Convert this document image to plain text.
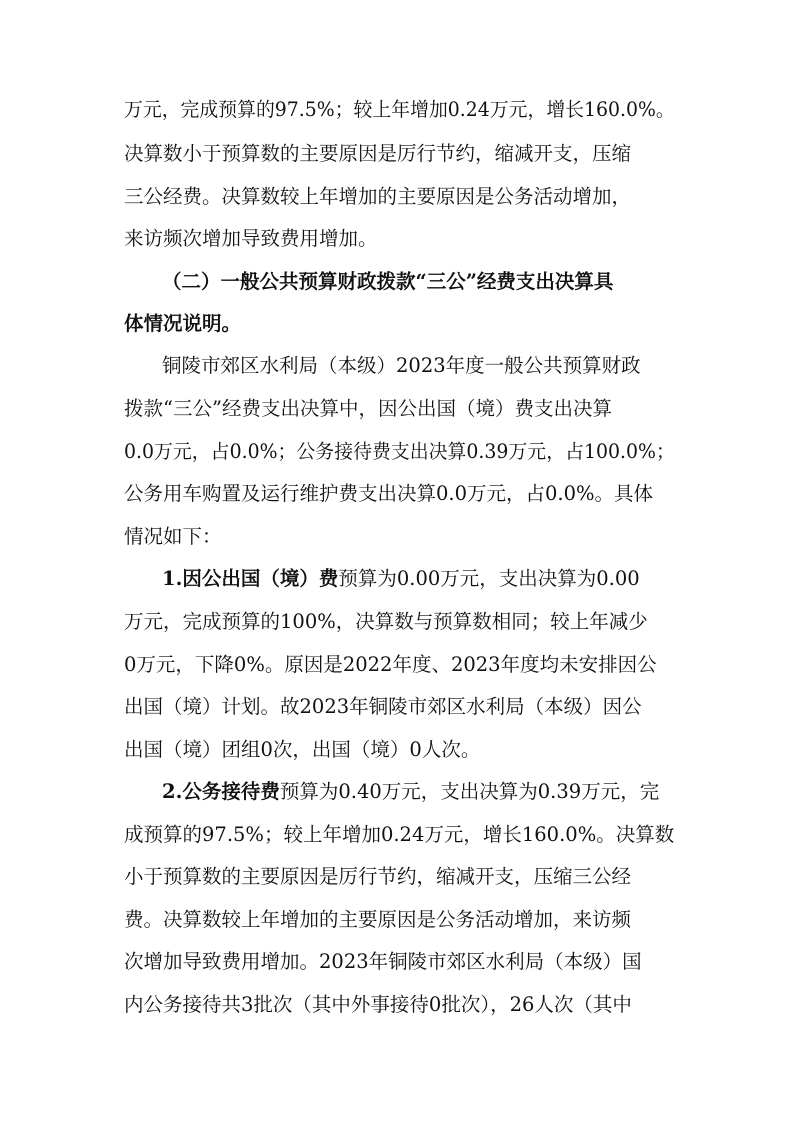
万元，完成预算的97.5%；较上年增加0.24万元，增长160.0%。
决算数小于预算数的主要原因是厉行节约，缩减开支，压缩
三公经费。决算数较上年增加的主要原因是公务活动增加，
来访频次增加导致费用增加。
（二）一般公共预算财政拨款“三公”经费支出决算具
体情况说明。
铜陵市郊区水利局（本级）2023年度一般公共预算财政
拨款“三公”经费支出决算中，因公出国（境）费支出决算
0.0万元，占0.0%；公务接待费支出决算0.39万元，占100.0%；
公务用车购置及运行维护费支出决算0.0万元，占0.0%。具体
情况如下：
1.因公出国（境）费预算为0.00万元，支出决算为0.00
万元，完成预算的100%，决算数与预算数相同；较上年减少
0万元，下降0%。原因是2022年度、2023年度均未安排因公
出国（境）计划。故2023年铜陵市郊区水利局（本级）因公
出国（境）团组0次，出国（境）0人次。
2.公务接待费预算为0.40万元，支出决算为0.39万元，完
成预算的97.5%；较上年增加0.24万元，增长160.0%。决算数
小于预算数的主要原因是厉行节约，缩减开支，压缩三公经
费。决算数较上年增加的主要原因是公务活动增加，来访频
次增加导致费用增加。2023年铜陵市郊区水利局（本级）国
内公务接待共3批次（其中外事接待0批次），26人次（其中
